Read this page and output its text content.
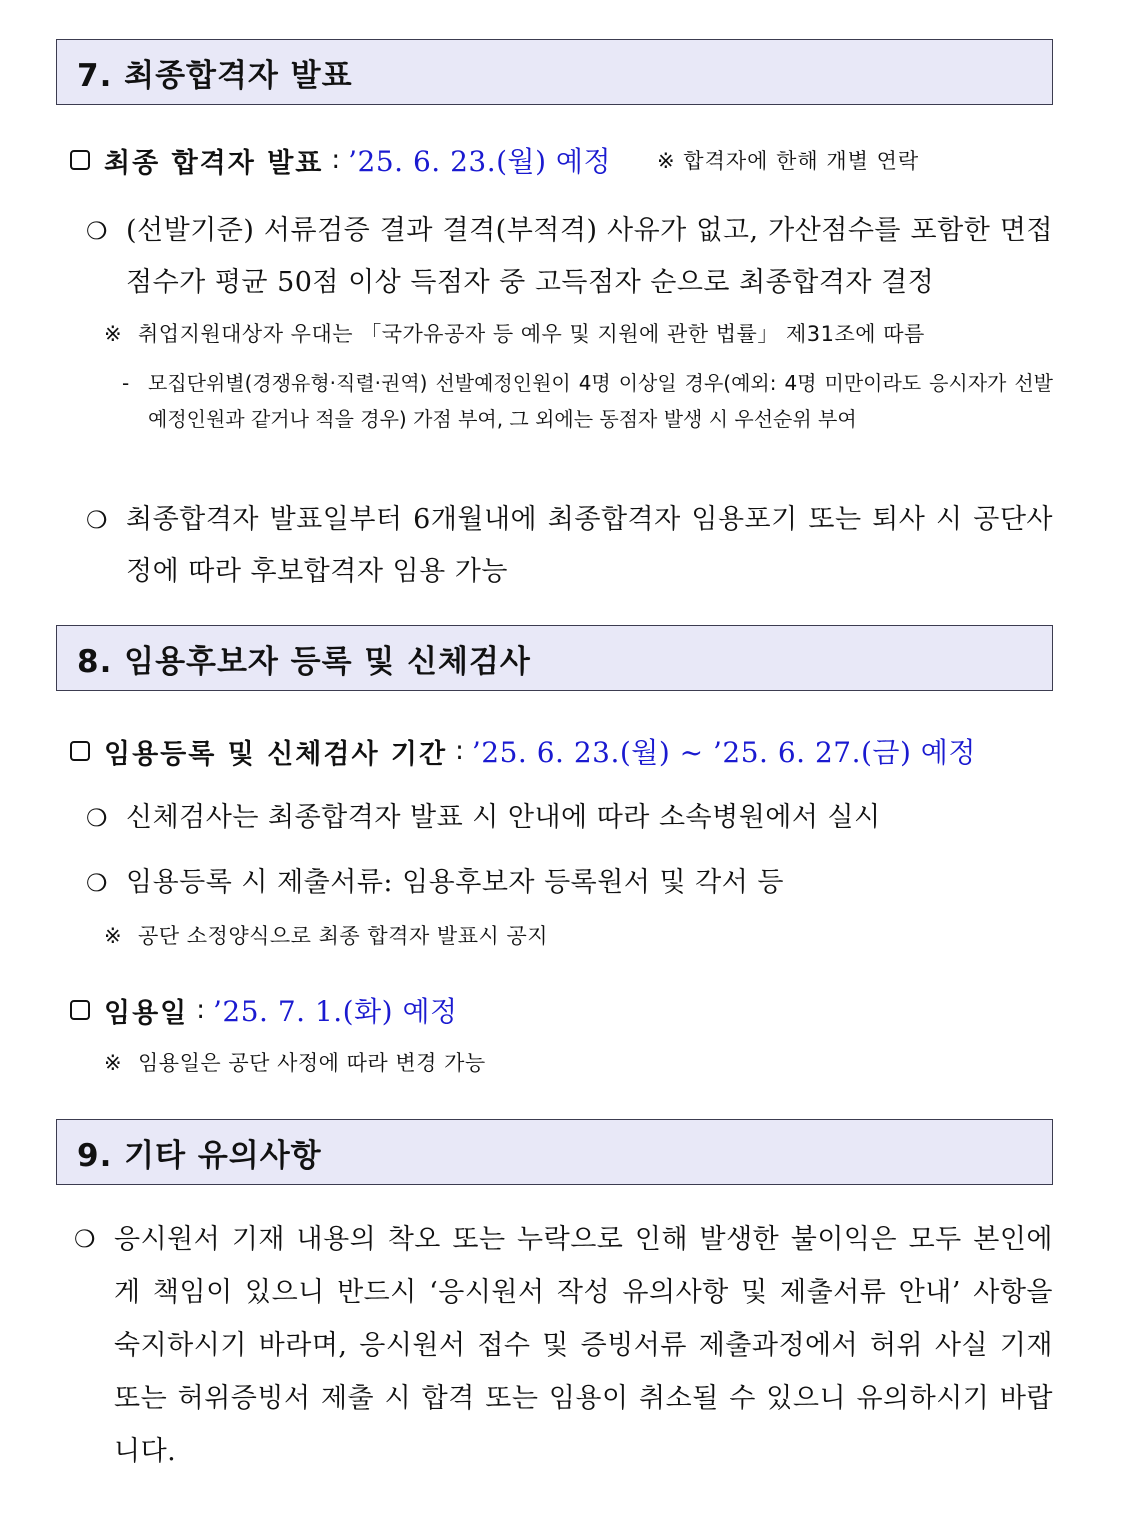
7. 최종합격자 발표
최종 합격자 발표 : ’25. 6. 23.(월) 예정 ※ 합격자에 한해 개별 연락
❍ (선발기준) 서류검증 결과 결격(부적격) 사유가 없고, 가산점수를 포함한 면접점수가 평균 50점 이상 득점자 중 고득점자 순으로 최종합격자 결정
※ 취업지원대상자 우대는 「국가유공자 등 예우 및 지원에 관한 법률」 제31조에 따름
- 모집단위별(경쟁유형·직렬·권역) 선발예정인원이 4명 이상일 경우(예외: 4명 미만이라도 응시자가 선발예정인원과 같거나 적을 경우) 가점 부여, 그 외에는 동점자 발생 시 우선순위 부여
❍ 최종합격자 발표일부터 6개월내에 최종합격자 임용포기 또는 퇴사 시 공단사정에 따라 후보합격자 임용 가능
8. 임용후보자 등록 및 신체검사
임용등록 및 신체검사 기간 : ’25. 6. 23.(월) ~ ’25. 6. 27.(금) 예정
❍ 신체검사는 최종합격자 발표 시 안내에 따라 소속병원에서 실시
❍ 임용등록 시 제출서류: 임용후보자 등록원서 및 각서 등
※ 공단 소정양식으로 최종 합격자 발표시 공지
임용일 : ’25. 7. 1.(화) 예정
※ 임용일은 공단 사정에 따라 변경 가능
9. 기타 유의사항
❍ 응시원서 기재 내용의 착오 또는 누락으로 인해 발생한 불이익은 모두 본인에게 책임이 있으니 반드시 ‘응시원서 작성 유의사항 및 제출서류 안내’ 사항을 숙지하시기 바라며, 응시원서 접수 및 증빙서류 제출과정에서 허위 사실 기재 또는 허위증빙서 제출 시 합격 또는 임용이 취소될 수 있으니 유의하시기 바랍니다.
